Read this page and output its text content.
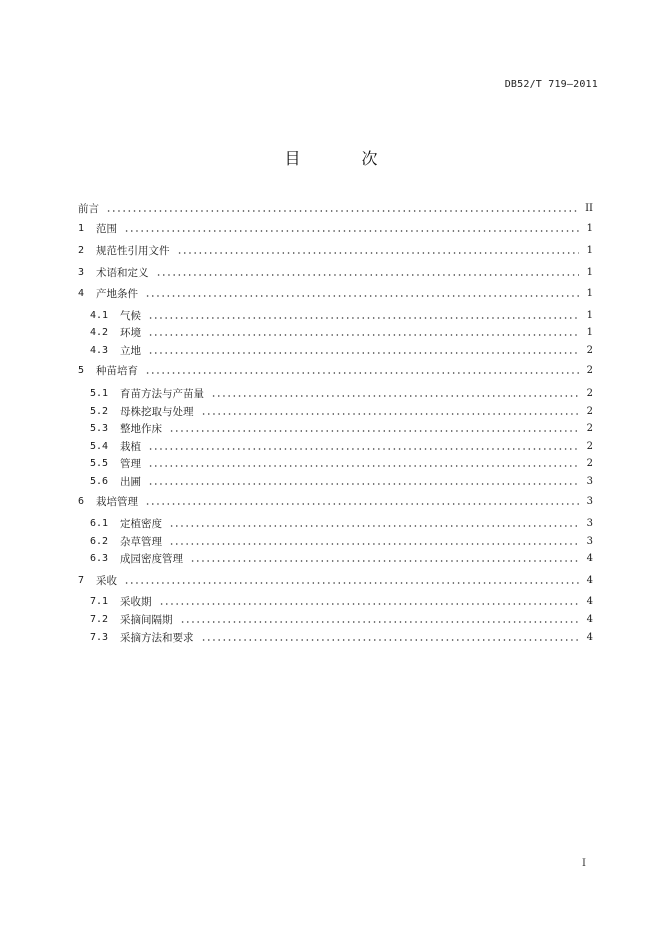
DB52/T 719—2011
目 次
前言	II
1	范围	1
2	规范性引用文件	1
3	术语和定义	1
4	产地条件	1
4.1	气候	1
4.2	环境	1
4.3	立地	2
5	种苗培育	2
5.1	育苗方法与产苗量	2
5.2	母株挖取与处理	2
5.3	整地作床	2
5.4	栽植	2
5.5	管理	2
5.6	出圃	3
6	栽培管理	3
6.1	定植密度	3
6.2	杂草管理	3
6.3	成园密度管理	4
7	采收	4
7.1	采收期	4
7.2	采摘间隔期	4
7.3	采摘方法和要求	4
I
